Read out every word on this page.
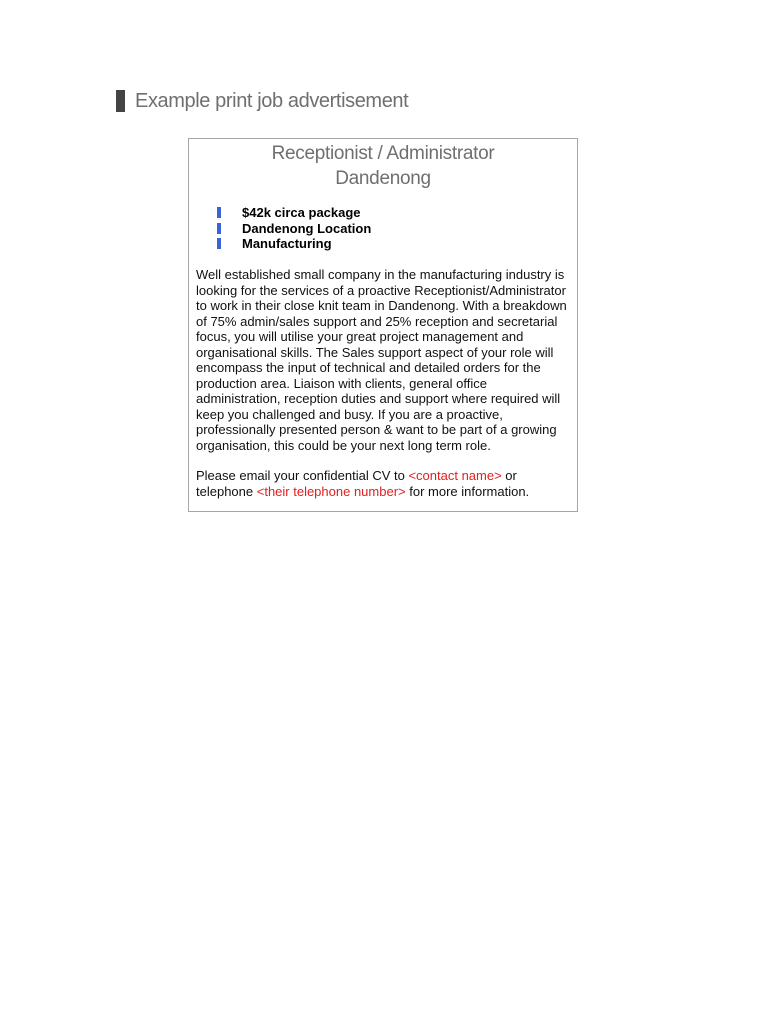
Example print job advertisement
Receptionist / Administrator
Dandenong
$42k circa package
Dandenong Location
Manufacturing

Well established small company in the manufacturing industry is looking for the services of a proactive Receptionist/Administrator to work in their close knit team in Dandenong. With a breakdown of 75% admin/sales support and 25% reception and secretarial focus, you will utilise your great project management and organisational skills. The Sales support aspect of your role will encompass the input of technical and detailed orders for the production area. Liaison with clients, general office administration, reception duties and support where required will keep you challenged and busy. If you are a proactive, professionally presented person & want to be part of a growing organisation, this could be your next long term role.

Please email your confidential CV to <contact name> or telephone <their telephone number> for more information.
